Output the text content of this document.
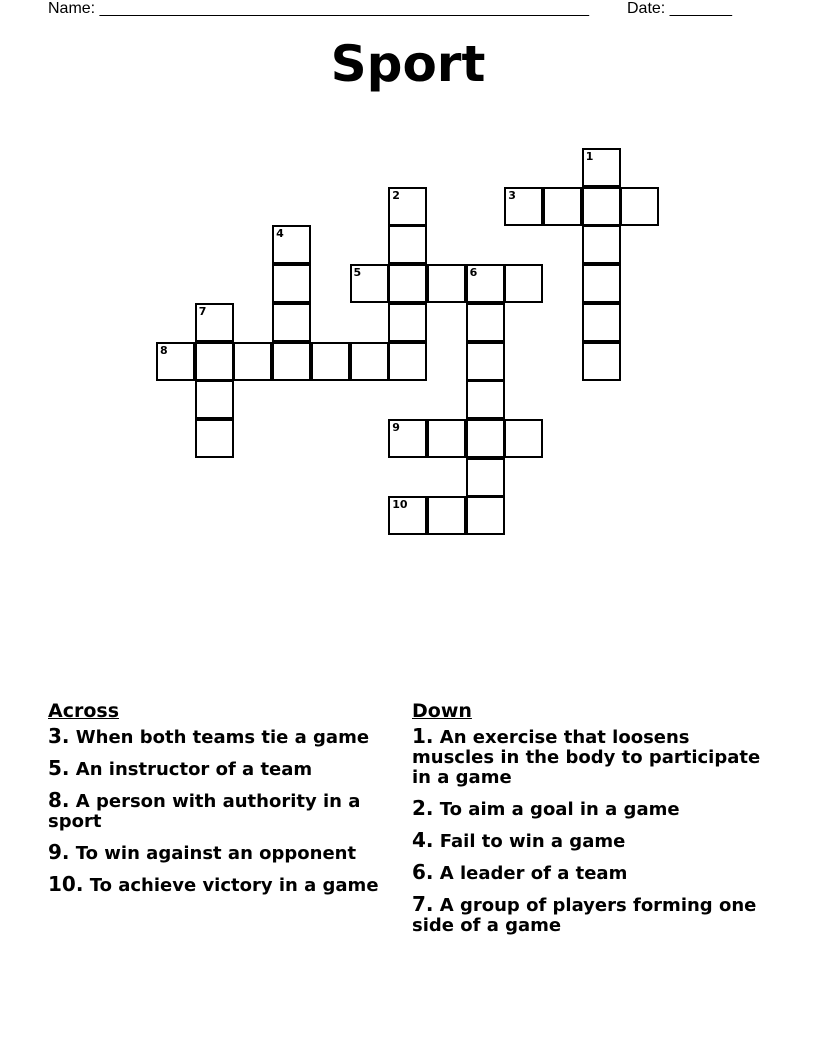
Name: _______________________________________________________ Date: _______
Sport
1
2	3
4
5	6
7
8
9
10
Across
3. When both teams tie a game
5. An instructor of a team
8. A person with authority in a sport
9. To win against an opponent
10. To achieve victory in a game
Down
1. An exercise that loosens muscles in the body to participate in a game
2. To aim a goal in a game
4. Fail to win a game
6. A leader of a team
7. A group of players forming one side of a game
